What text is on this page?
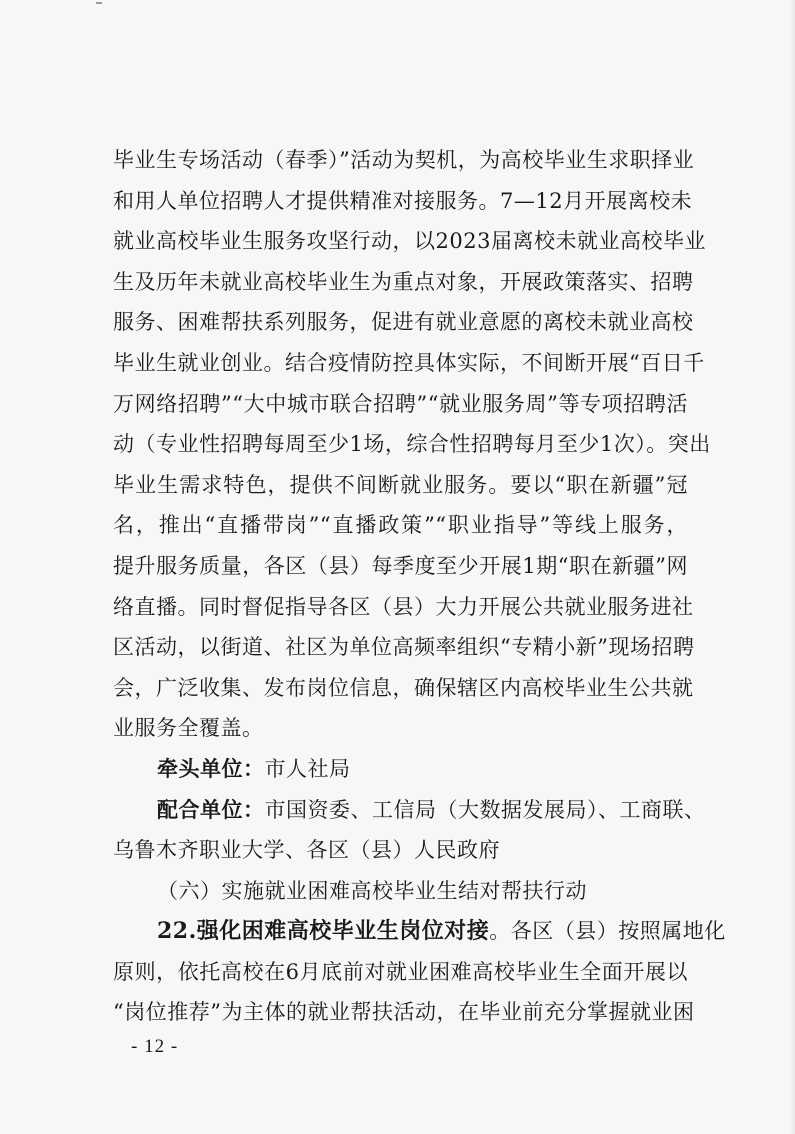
毕业生专场活动（春季）”活动为契机，为高校毕业生求职择业
和用人单位招聘人才提供精准对接服务。7—12月开展离校未
就业高校毕业生服务攻坚行动，以2023届离校未就业高校毕业
生及历年未就业高校毕业生为重点对象，开展政策落实、招聘
服务、困难帮扶系列服务，促进有就业意愿的离校未就业高校
毕业生就业创业。结合疫情防控具体实际，不间断开展“百日千
万网络招聘”“大中城市联合招聘”“就业服务周”等专项招聘活
动（专业性招聘每周至少1场，综合性招聘每月至少1次）。突出
毕业生需求特色，提供不间断就业服务。要以“职在新疆”冠
名，推出“直播带岗”“直播政策”“职业指导”等线上服务，
提升服务质量，各区（县）每季度至少开展1期“职在新疆”网
络直播。同时督促指导各区（县）大力开展公共就业服务进社
区活动，以街道、社区为单位高频率组织“专精小新”现场招聘
会，广泛收集、发布岗位信息，确保辖区内高校毕业生公共就
业服务全覆盖。
牵头单位：市人社局
配合单位：市国资委、工信局（大数据发展局）、工商联、
乌鲁木齐职业大学、各区（县）人民政府
（六）实施就业困难高校毕业生结对帮扶行动
22.强化困难高校毕业生岗位对接。各区（县）按照属地化
原则，依托高校在6月底前对就业困难高校毕业生全面开展以
“岗位推荐”为主体的就业帮扶活动，在毕业前充分掌握就业困
- 12 -
